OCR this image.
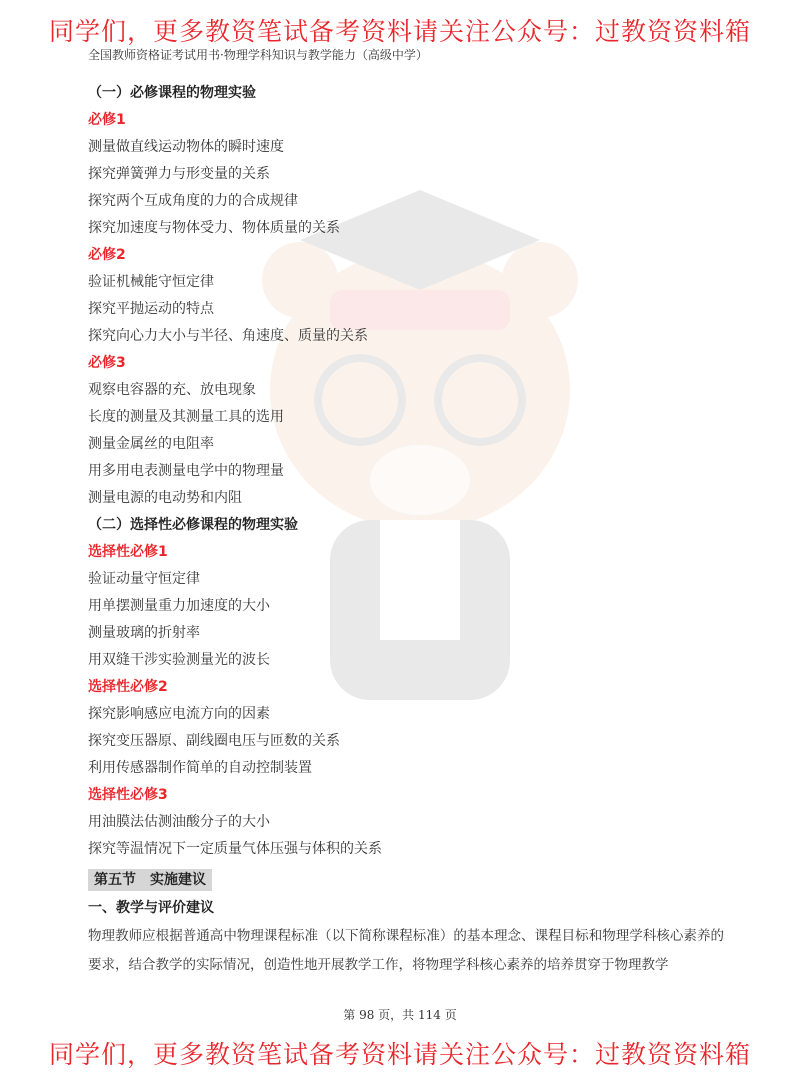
同学们，更多教资笔试备考资料请关注公众号：过教资资料箱
全国教师资格证考试用书·物理学科知识与教学能力（高级中学）
（一）必修课程的物理实验
必修1
测量做直线运动物体的瞬时速度
探究弹簧弹力与形变量的关系
探究两个互成角度的力的合成规律
探究加速度与物体受力、物体质量的关系
必修2
验证机械能守恒定律
探究平抛运动的特点
探究向心力大小与半径、角速度、质量的关系
必修3
观察电容器的充、放电现象
长度的测量及其测量工具的选用
测量金属丝的电阻率
用多用电表测量电学中的物理量
测量电源的电动势和内阻
（二）选择性必修课程的物理实验
选择性必修1
验证动量守恒定律
用单摆测量重力加速度的大小
测量玻璃的折射率
用双缝干涉实验测量光的波长
选择性必修2
探究影响感应电流方向的因素
探究变压器原、副线圈电压与匝数的关系
利用传感器制作简单的自动控制装置
选择性必修3
用油膜法估测油酸分子的大小
探究等温情况下一定质量气体压强与体积的关系
第五节　实施建议
一、教学与评价建议
物理教师应根据普通高中物理课程标准（以下简称课程标准）的基本理念、课程目标和物理学科核心素养的要求，结合教学的实际情况，创造性地开展教学工作，将物理学科核心素养的培养贯穿于物理教学
第 98 页，共 114 页
同学们，更多教资笔试备考资料请关注公众号：过教资资料箱
